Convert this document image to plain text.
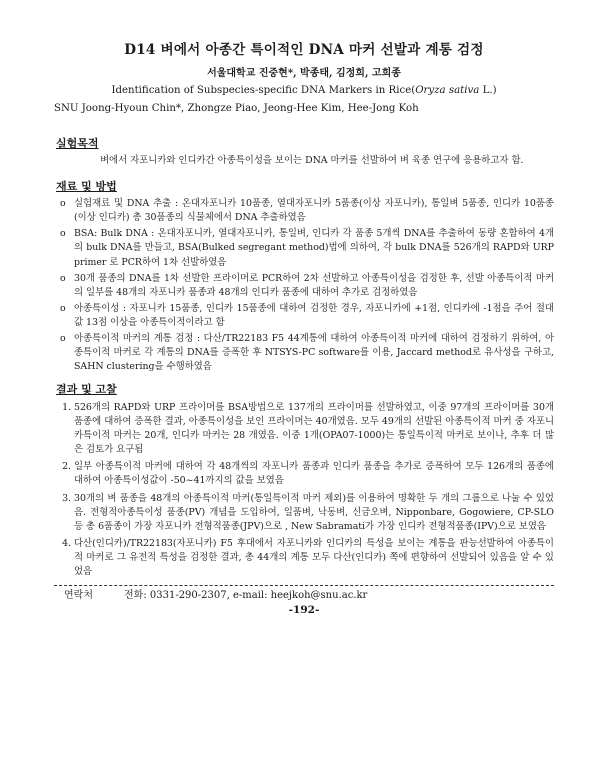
D14 벼에서 아종간 특이적인 DNA 마커 선발과 계통 검정
서울대학교 진중현*, 박종태, 김정희, 고희종
Identification of Subspecies-specific DNA Markers in Rice(Oryza sativa L.)
SNU Joong-Hyoun Chin*, Zhongze Piao, Jeong-Hee Kim, Hee-Jong Koh
실험목적

벼에서 자포니카와 인디카간 아종특이성을 보이는 DNA 마커를 선발하여 벼 육종 연구에 응용하고자 함.

재료 및 방법
o 실험재료 및 DNA 추출 : 온대자포니카 10품종, 열대자포니카 5품종(이상 자포니카), 통일벼 5품종, 인디카 10품종(이상 인디카) 총 30품종의 식물체에서 DNA 추출하였음
o BSA: Bulk DNA : 온대자포니카, 열대자포니카, 통일벼, 인디카 각 품종 5개씩 DNA를 추출하여 동량 혼합하여 4개의 bulk DNA를 만들고, BSA(Bulked segregant method)법에 의하여, 각 bulk DNA를 526개의 RAPD와 URP primer 로 PCR하여 1차 선발하였음
o 30개 품종의 DNA를 1차 선발한 프라이머로 PCR하여 2차 선발하고 아종특이성을 검정한 후, 선발 아종특이적 마커의 일부를 48개의 자포니카 품종과 48개의 인디카 품종에 대하여 추가로 검정하였음
o 아종특이성 : 자포니카 15품종, 인디카 15품종에 대하여 검정한 경우, 자포니카에 +1점, 인디카에 -1점을 주어 절대값 13점 이상을 아종특이적이라고 함
o 아종특이적 마커의 계통 검정 : 다산/TR22183 F5 44계통에 대하여 아종특이적 마커에 대하여 검정하기 위하여, 아종특이적 마커로 각 계통의 DNA를 증폭한 후 NTSYS-PC software를 이용, Jaccard method로 유사성을 구하고, SAHN clustering을 수행하였음
결과 및 고찰
1. 526개의 RAPD와 URP 프라이머를 BSA방법으로 137개의 프라이머를 선발하였고, 이중 97개의 프라이머를 30개 품종에 대하여 증폭한 결과, 아종특이성을 보인 프라이머는 40개였음. 모두 49개의 선발된 아종특이적 마커 중 자포니카특이적 마커는 20개, 인디카 마커는 28 개였음. 이중 1개(OPA07-1000)는 통일특이적 마커로 보이나, 추후 더 많은 검토가 요구됨
2. 일부 아종특이적 마커에 대하여 각 48개씩의 자포니카 품종과 인디카 품종을 추가로 증폭하여 모두 126개의 품종에 대하여 아종특이성값이 -50~41까지의 값을 보였음
3. 30개의 벼 품종을 48개의 아종특이적 마커(통일특이적 마커 제외)를 이용하여 명확한 두 개의 그룹으로 나눌 수 있었음. 전형적아종특이성 품종(PV) 개념을 도입하여, 일품벼, 낙동벼, 신금오벼, Nipponbare, Gogowiere, CP-SLO 등 총 6품종이 가장 자포니카 전형적품종(JPV)으로 , New Sabramati가 가장 인디카 전형적품종(IPV)으로 보였음
4. 다산(인디카)/TR22183(자포니카) F5 후대에서 자포니카와 인디카의 특성을 보이는 계통을 판능선발하여 아종특이적 마커로 그 유전적 특성을 검정한 결과, 총 44개의 계통 모두 다산(인디카) 쪽에 편향하여 선발되어 있음을 알 수 있었음
연락처	전화: 0331-290-2307, e-mail: heejkoh@snu.ac.kr
-192-
